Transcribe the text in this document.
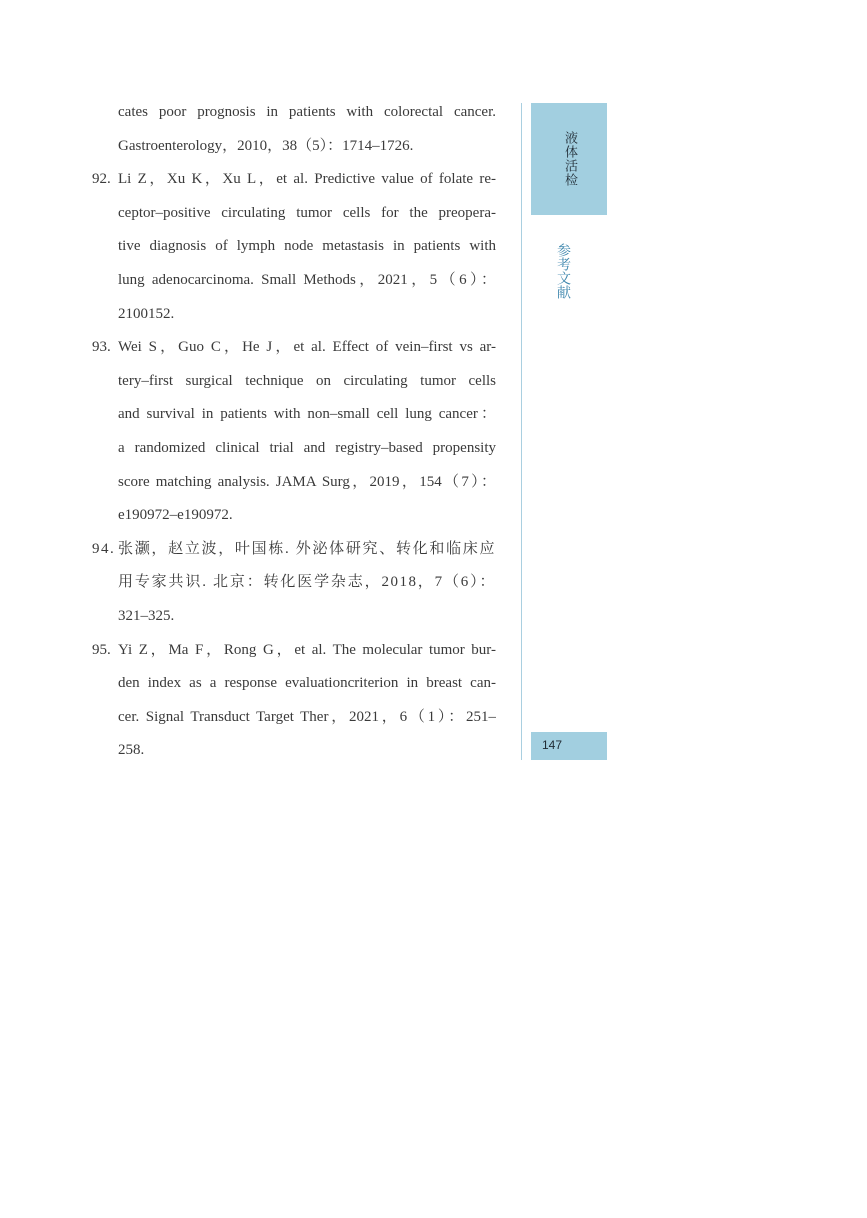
cates poor prognosis in patients with colorectal cancer.
Gastroenterology，2010，38（5）：1714–1726.
92. Li Z，Xu K，Xu L，et al. Predictive value of folate re-
ceptor–positive circulating tumor cells for the preopera-
tive diagnosis of lymph node metastasis in patients with
lung adenocarcinoma. Small Methods，2021，5（6）：
2100152.
93. Wei S，Guo C，He J，et al. Effect of vein–first vs ar-
tery–first surgical technique on circulating tumor cells
and survival in patients with non–small cell lung cancer：
a randomized clinical trial and registry–based propensity
score matching analysis. JAMA Surg，2019，154（7）：
e190972–e190972.
94. 张灏，赵立波，叶国栋. 外泌体研究、转化和临床应
用专家共识. 北京：转化医学杂志，2018，7（6）：
321–325.
95. Yi Z，Ma F，Rong G，et al. The molecular tumor bur-
den index as a response evaluationcriterion in breast can-
cer. Signal Transduct Target Ther，2021，6（1）：251–
258.
液体活检
参考文献
147
